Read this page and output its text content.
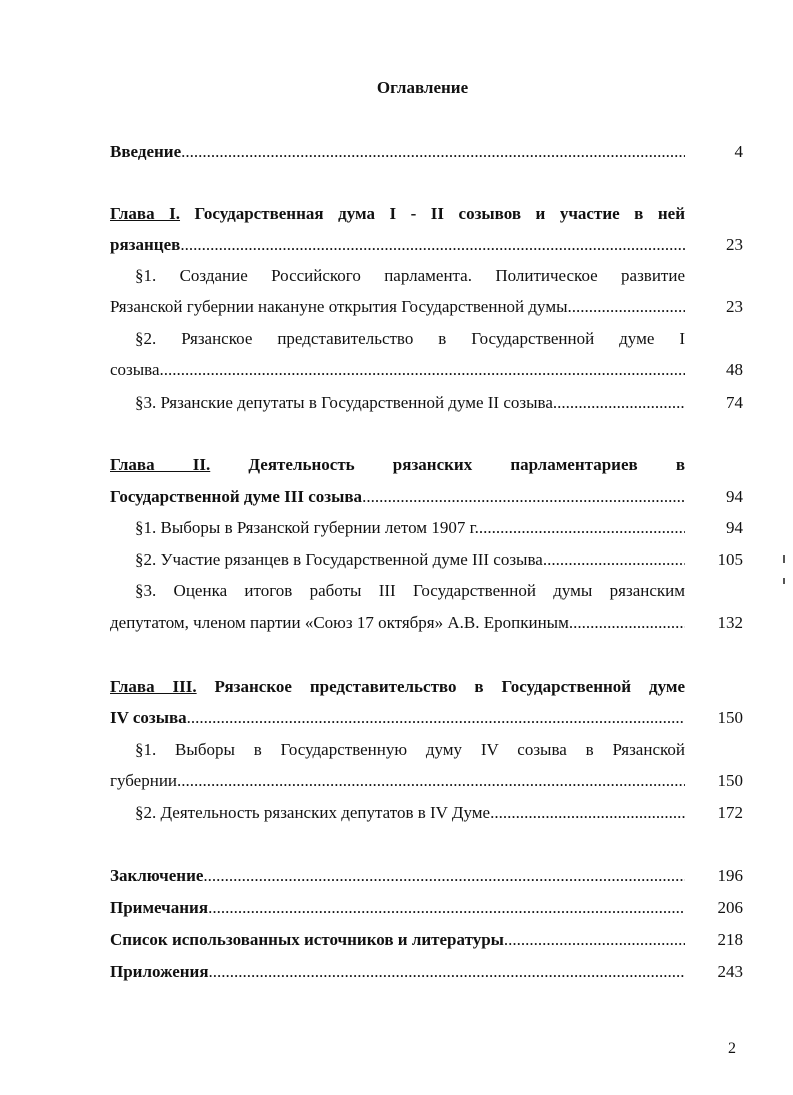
Оглавление
Введение .....	4
Глава I. Государственная дума I - II созывов и участие в ней
рязанцев .....	23
§1. Создание Российского парламента. Политическое развитие
Рязанской губернии накануне открытия Государственной думы .....	23
§2. Рязанское представительство в Государственной думе I
созыва .....	48
§3. Рязанские депутаты в Государственной думе II созыва .....	74
Глава II. Деятельность рязанских парламентариев в
Государственной думе III созыва .....	94
§1. Выборы в Рязанской губернии летом 1907 г .....	94
§2. Участие рязанцев в Государственной думе III созыва .....	105
§3. Оценка итогов работы III Государственной думы рязанским
депутатом, членом партии «Союз 17 октября» А.В. Еропкиным .....	132
Глава III. Рязанское представительство в Государственной думе
IV созыва .....	150
§1. Выборы в Государственную думу IV созыва в Рязанской
губернии .....	150
§2. Деятельность рязанских депутатов в IV Думе .....	172
Заключение .....	196
Примечания .....	206
Список использованных источников и литературы .....	218
Приложения .....	243
2
